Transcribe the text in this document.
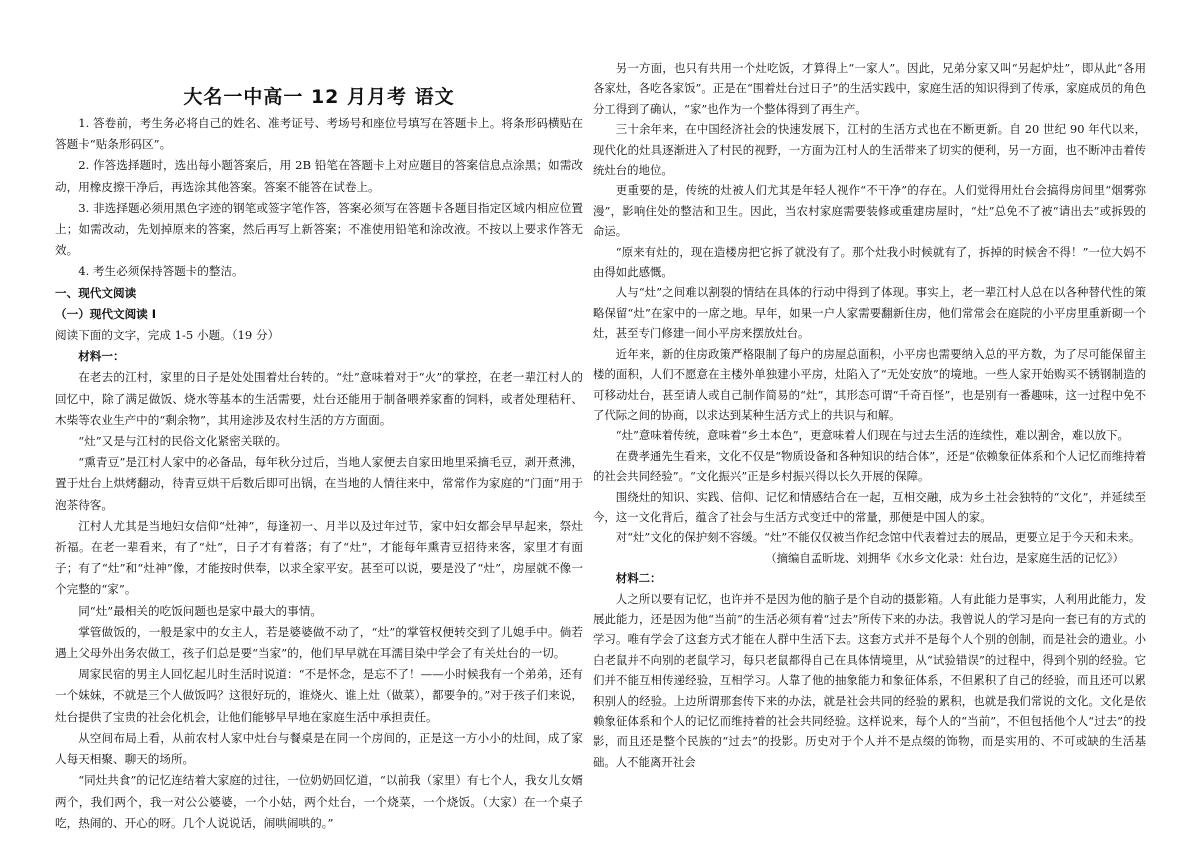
大名一中高一 12 月月考 语文

1. 答卷前，考生务必将自己的姓名、准考证号、考场号和座位号填写在答题卡上。将条形码横贴在答题卡“贴条形码区”。

2. 作答选择题时，选出每小题答案后，用 2B 铅笔在答题卡上对应题目的答案信息点涂黑；如需改动，用橡皮擦干净后，再选涂其他答案。答案不能答在试卷上。

3. 非选择题必须用黑色字迹的钢笔或签字笔作答，答案必须写在答题卡各题目指定区域内相应位置上；如需改动，先划掉原来的答案，然后再写上新答案；不准使用铅笔和涂改液。不按以上要求作答无效。

4. 考生必须保持答题卡的整洁。

一、现代文阅读

（一）现代文阅读 I

阅读下面的文字，完成 1-5 小题。（19 分）

材料一：

在老去的江村，家里的日子是处处围着灶台转的。“灶”意味着对于“火”的掌控，在老一辈江村人的回忆中，除了满足做饭、烧水等基本的生活需要，灶台还能用于制备喂养家畜的饲料，或者处理秸秆、木柴等农业生产中的“剩余物”，其用途涉及农村生活的方方面面。

“灶”又是与江村的民俗文化紧密关联的。

“熏青豆”是江村人家中的必备品，每年秋分过后，当地人家便去自家田地里采摘毛豆，剥开煮沸，置于灶台上烘烤翻动，待青豆烘干后数后即可出锅，在当地的人情往来中，常常作为家庭的“门面”用于泡茶待客。

江村人尤其是当地妇女信仰“灶神”，每逢初一、月半以及过年过节，家中妇女都会早早起来，祭灶祈福。在老一辈看来，有了“灶”，日子才有着落；有了“灶”，才能每年熏青豆招待来客，家里才有面子；有了“灶”和“灶神”像，才能按时供奉，以求全家平安。甚至可以说，要是没了“灶”，房屋就不像一个完整的“家”。

同“灶”最相关的吃饭问题也是家中最大的事情。

掌管做饭的，一般是家中的女主人，若是婆婆做不动了，“灶”的掌管权便转交到了儿媳手中。倘若遇上父母外出务农做工，孩子们总是要“当家”的，他们早早就在耳濡目染中学会了有关灶台的一切。

周家民宿的男主人回忆起儿时生活时说道：“不是怀念，是忘不了！——小时候我有一个弟弟，还有一个妹妹，不就是三个人做饭吗？这很好玩的，谁烧火、谁上灶（做菜），都要争的。”对于孩子们来说，灶台提供了宝贵的社会化机会，让他们能够早早地在家庭生活中承担责任。

从空间布局上看，从前农村人家中灶台与餐桌是在同一个房间的，正是这一方小小的灶间，成了家人每天相聚、聊天的场所。

“同灶共食”的记忆连结着大家庭的过往，一位奶奶回忆道，“以前我（家里）有七个人，我女儿女婿两个，我们两个，我一对公公婆婆，一个小姑，两个灶台，一个烧菜，一个烧饭。（大家）在一个桌子吃，热闹的、开心的呀。几个人说说话，闹哄闹哄的。”

另一方面，也只有共用一个灶吃饭，才算得上“一家人”。因此，兄弟分家又叫“另起炉灶”，即从此“各用各家灶，各吃各家饭”。正是在“围着灶台过日子”的生活实践中，家庭生活的知识得到了传承，家庭成员的角色分工得到了确认，“家”也作为一个整体得到了再生产。

三十余年来，在中国经济社会的快速发展下，江村的生活方式也在不断更新。自 20 世纪 90 年代以来，现代化的灶具逐渐进入了村民的视野，一方面为江村人的生活带来了切实的便利，另一方面，也不断冲击着传统灶台的地位。

更重要的是，传统的灶被人们尤其是年轻人视作“不干净”的存在。人们觉得用灶台会搞得房间里“烟雾弥漫”，影响住处的整洁和卫生。因此，当农村家庭需要装修或重建房屋时，“灶”总免不了被“请出去”或拆毁的命运。

“原来有灶的，现在造楼房把它拆了就没有了。那个灶我小时候就有了，拆掉的时候舍不得！”一位大妈不由得如此感慨。

人与“灶”之间难以割裂的情结在具体的行动中得到了体现。事实上，老一辈江村人总在以各种替代性的策略保留“灶”在家中的一席之地。早年，如果一户人家需要翻新住房，他们常常会在庭院的小平房里重新砌一个灶，甚至专门修建一间小平房来摆放灶台。

近年来，新的住房政策严格限制了每户的房屋总面积，小平房也需要纳入总的平方数，为了尽可能保留主楼的面积，人们不愿意在主楼外单独建小平房，灶陷入了“无处安放”的境地。一些人家开始购买不锈钢制造的可移动灶台，甚至请人或自己制作简易的“灶”，其形态可谓“千奇百怪”，也是别有一番趣味，这一过程中免不了代际之间的协商，以求达到某种生活方式上的共识与和解。

“灶”意味着传统，意味着“乡土本色”，更意味着人们现在与过去生活的连续性，难以割舍，难以放下。

在费孝通先生看来，文化不仅是“物质设备和各种知识的结合体”，还是“依赖象征体系和个人记忆而维持着的社会共同经验”。“文化振兴”正是乡村振兴得以长久开展的保障。

围绕灶的知识、实践、信仰、记忆和情感结合在一起，互相交融，成为乡土社会独特的“文化”，并延续至今，这一文化背后，蕴含了社会与生活方式变迁中的常量，那便是中国人的家。

对“灶”文化的保护刻不容缓。“灶”不能仅仅被当作纪念馆中代表着过去的展品，更要立足于今天和未来。

（摘编自孟昕垅、刘拥华《水乡文化录：灶台边，是家庭生活的记忆》）

材料二：

人之所以要有记忆，也许并不是因为他的脑子是个自动的摄影箱。人有此能力是事实，人利用此能力，发展此能力，还是因为他“当前”的生活必须有着“过去”所传下来的办法。我曾说人的学习是向一套已有的方式的学习。唯有学会了这套方式才能在人群中生活下去。这套方式并不是每个人个别的创制，而是社会的遗业。小白老鼠并不向别的老鼠学习，每只老鼠都得自己在具体情境里，从“试验错误”的过程中，得到个别的经验。它们并不能互相传递经验，互相学习。人靠了他的抽象能力和象征体系，不但累积了自己的经验，而且还可以累积别人的经验。上边所谓那套传下来的办法，就是社会共同的经验的累积，也就是我们常说的文化。文化是依赖象征体系和个人的记忆而维持着的社会共同经验。这样说来，每个人的“当前”，不但包括他个人“过去”的投影，而且还是整个民族的“过去”的投影。历史对于个人并不是点缀的饰物，而是实用的、不可或缺的生活基础。人不能离开社会
